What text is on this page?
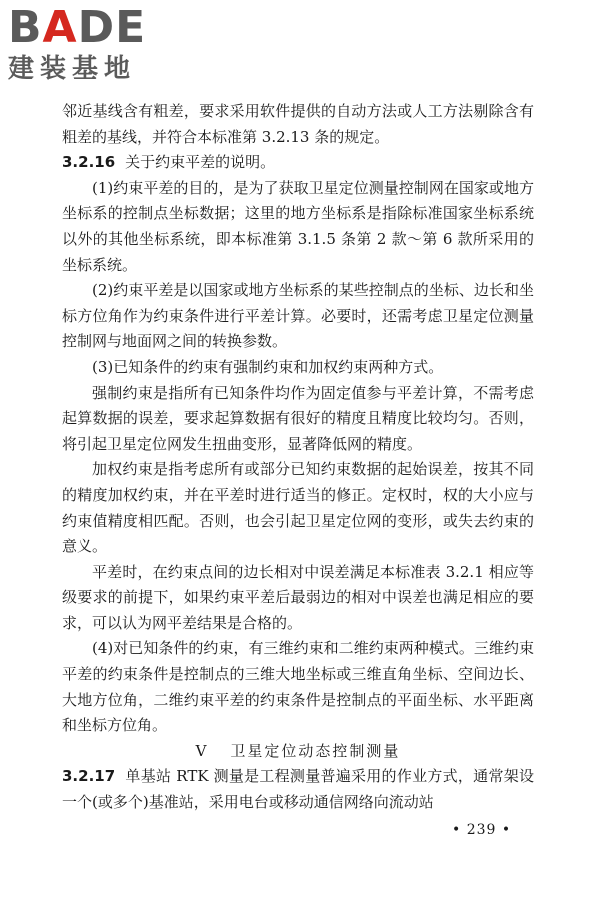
BADE
建装基地

邻近基线含有粗差，要求采用软件提供的自动方法或人工方法剔除含有粗差的基线，并符合本标准第 3.2.13 条的规定。

3.2.16 关于约束平差的说明。

(1)约束平差的目的，是为了获取卫星定位测量控制网在国家或地方坐标系的控制点坐标数据；这里的地方坐标系是指除标准国家坐标系统以外的其他坐标系统，即本标准第 3.1.5 条第 2 款～第 6 款所采用的坐标系统。

(2)约束平差是以国家或地方坐标系的某些控制点的坐标、边长和坐标方位角作为约束条件进行平差计算。必要时，还需考虑卫星定位测量控制网与地面网之间的转换参数。

(3)已知条件的约束有强制约束和加权约束两种方式。

强制约束是指所有已知条件均作为固定值参与平差计算，不需考虑起算数据的误差，要求起算数据有很好的精度且精度比较均匀。否则，将引起卫星定位网发生扭曲变形，显著降低网的精度。

加权约束是指考虑所有或部分已知约束数据的起始误差，按其不同的精度加权约束，并在平差时进行适当的修正。定权时，权的大小应与约束值精度相匹配。否则，也会引起卫星定位网的变形，或失去约束的意义。

平差时，在约束点间的边长相对中误差满足本标准表 3.2.1 相应等级要求的前提下，如果约束平差后最弱边的相对中误差也满足相应的要求，可以认为网平差结果是合格的。

(4)对已知条件的约束，有三维约束和二维约束两种模式。三维约束平差的约束条件是控制点的三维大地坐标或三维直角坐标、空间边长、大地方位角，二维约束平差的约束条件是控制点的平面坐标、水平距离和坐标方位角。

V 卫星定位动态控制测量

3.2.17 单基站 RTK 测量是工程测量普遍采用的作业方式，通常架设一个(或多个)基准站，采用电台或移动通信网络向流动站

• 239 •
